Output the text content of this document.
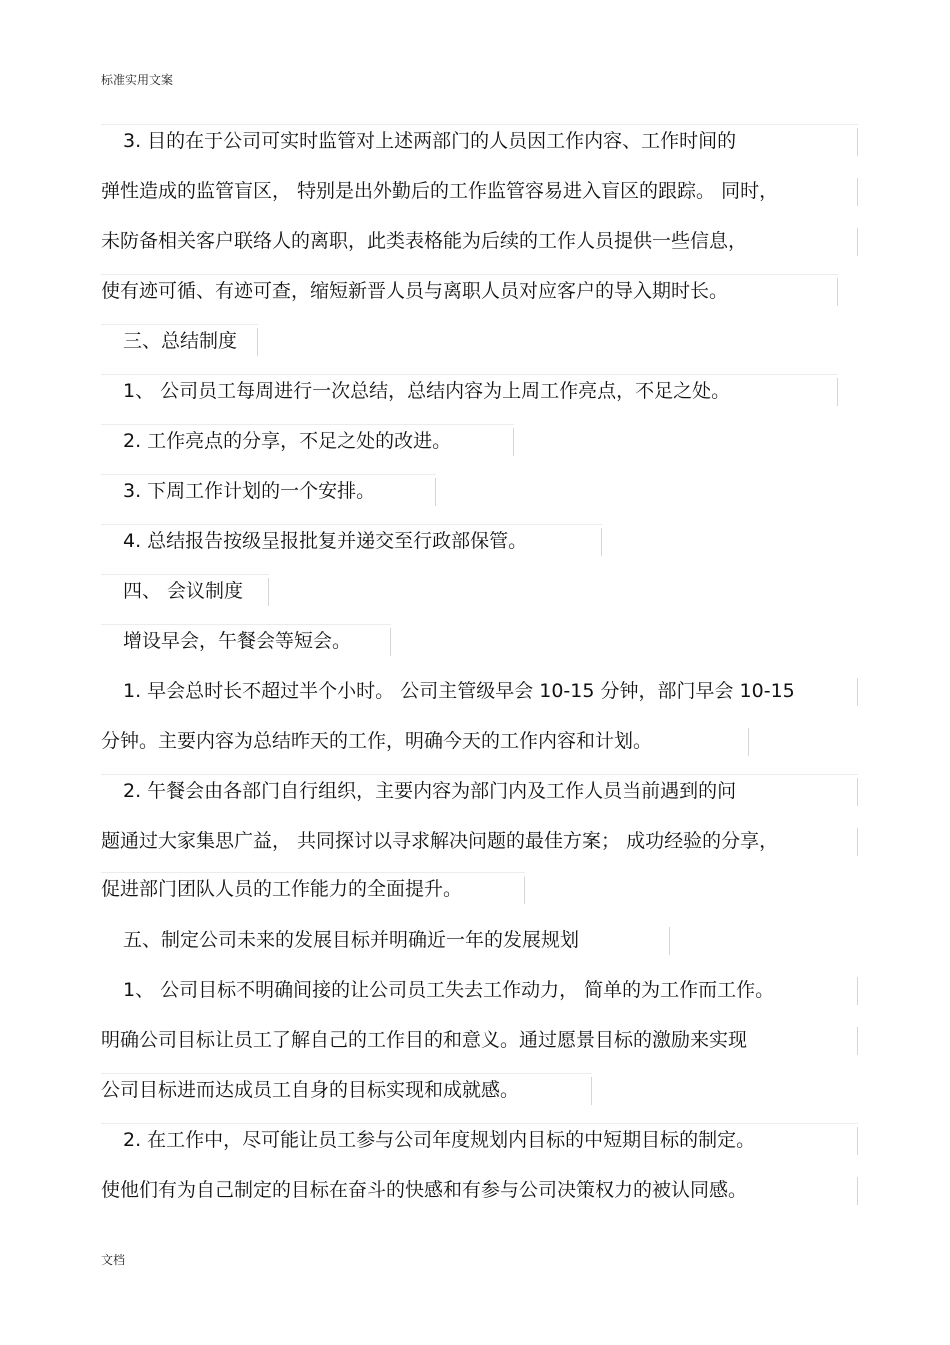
标准实用文案
3. 目的在于公司可实时监管对上述两部门的人员因工作内容、工作时间的
弹性造成的监管盲区， 特别是出外勤后的工作监管容易进入盲区的跟踪。 同时，
未防备相关客户联络人的离职，此类表格能为后续的工作人员提供一些信息，
使有迹可循、有迹可查，缩短新晋人员与离职人员对应客户的导入期时长。
三、总结制度
1、 公司员工每周进行一次总结，总结内容为上周工作亮点，不足之处。
2. 工作亮点的分享，不足之处的改进。
3. 下周工作计划的一个安排。
4. 总结报告按级呈报批复并递交至行政部保管。
四、 会议制度
增设早会，午餐会等短会。
1. 早会总时长不超过半个小时。 公司主管级早会 10-15 分钟，部门早会 10-15
分钟。主要内容为总结昨天的工作，明确今天的工作内容和计划。
2. 午餐会由各部门自行组织，主要内容为部门内及工作人员当前遇到的问
题通过大家集思广益， 共同探讨以寻求解决问题的最佳方案； 成功经验的分享，
促进部门团队人员的工作能力的全面提升。
五、制定公司未来的发展目标并明确近一年的发展规划
1、 公司目标不明确间接的让公司员工失去工作动力， 简单的为工作而工作。
明确公司目标让员工了解自己的工作目的和意义。通过愿景目标的激励来实现
公司目标进而达成员工自身的目标实现和成就感。
2. 在工作中，尽可能让员工参与公司年度规划内目标的中短期目标的制定。
使他们有为自己制定的目标在奋斗的快感和有参与公司决策权力的被认同感。
文档
